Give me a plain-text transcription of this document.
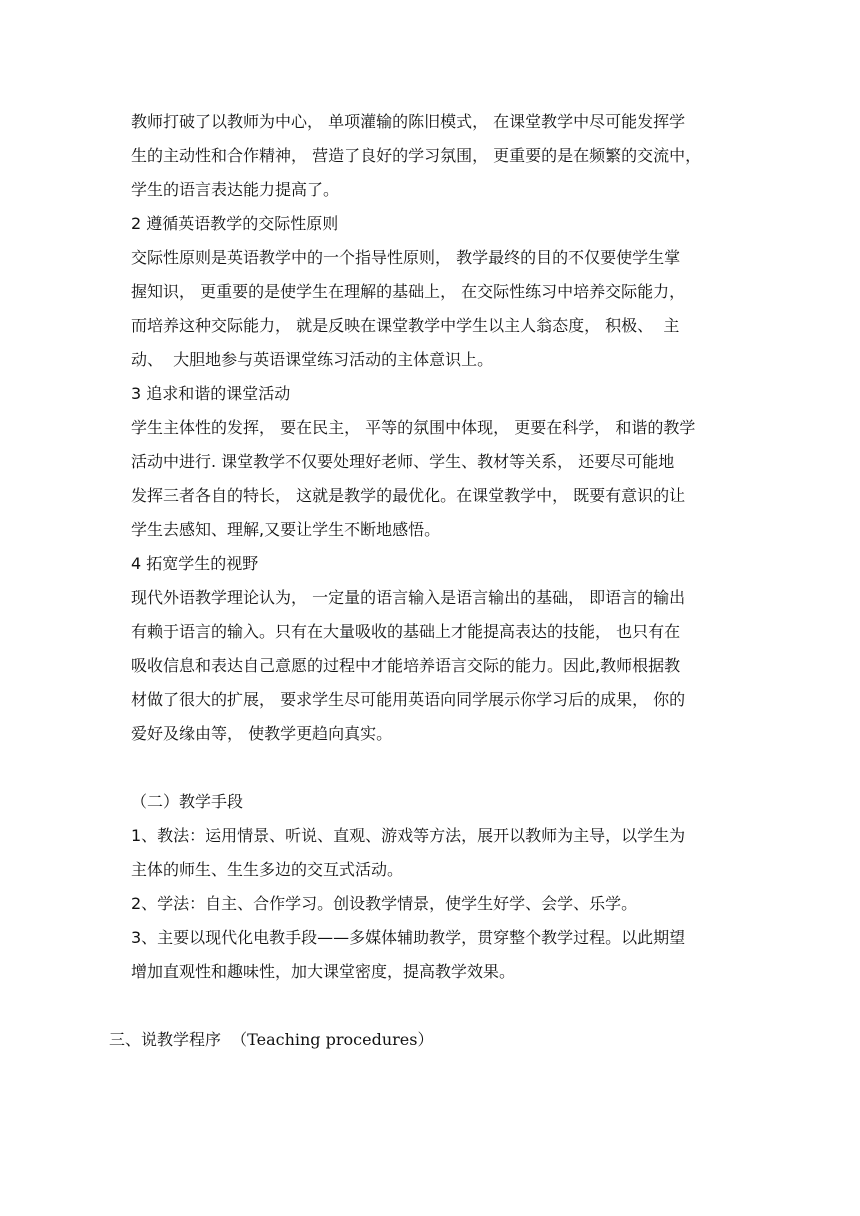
教师打破了以教师为中心， 单项灌输的陈旧模式， 在课堂教学中尽可能发挥学
生的主动性和合作精神， 营造了良好的学习氛围， 更重要的是在频繁的交流中，
学生的语言表达能力提高了。
2 遵循英语教学的交际性原则
交际性原则是英语教学中的一个指导性原则， 教学最终的目的不仅要使学生掌
握知识， 更重要的是使学生在理解的基础上， 在交际性练习中培养交际能力，
而培养这种交际能力， 就是反映在课堂教学中学生以主人翁态度， 积极、  主
动、  大胆地参与英语课堂练习活动的主体意识上。
3 追求和谐的课堂活动
学生主体性的发挥， 要在民主， 平等的氛围中体现， 更要在科学， 和谐的教学
活动中进行. 课堂教学不仅要处理好老师、学生、教材等关系， 还要尽可能地
发挥三者各自的特长， 这就是教学的最优化。在课堂教学中， 既要有意识的让
学生去感知、理解,又要让学生不断地感悟。
4 拓宽学生的视野
现代外语教学理论认为， 一定量的语言输入是语言输出的基础， 即语言的输出
有赖于语言的输入。只有在大量吸收的基础上才能提高表达的技能， 也只有在
吸收信息和表达自己意愿的过程中才能培养语言交际的能力。因此,教师根据教
材做了很大的扩展， 要求学生尽可能用英语向同学展示你学习后的成果， 你的
爱好及缘由等， 使教学更趋向真实。
（二）教学手段
1、教法：运用情景、听说、直观、游戏等方法，展开以教师为主导，以学生为
主体的师生、生生多边的交互式活动。
2、学法：自主、合作学习。创设教学情景，使学生好学、会学、乐学。
3、主要以现代化电教手段——多媒体辅助教学，贯穿整个教学过程。以此期望
增加直观性和趣味性，加大课堂密度，提高教学效果。
三、说教学程序  （Teaching procedures）
